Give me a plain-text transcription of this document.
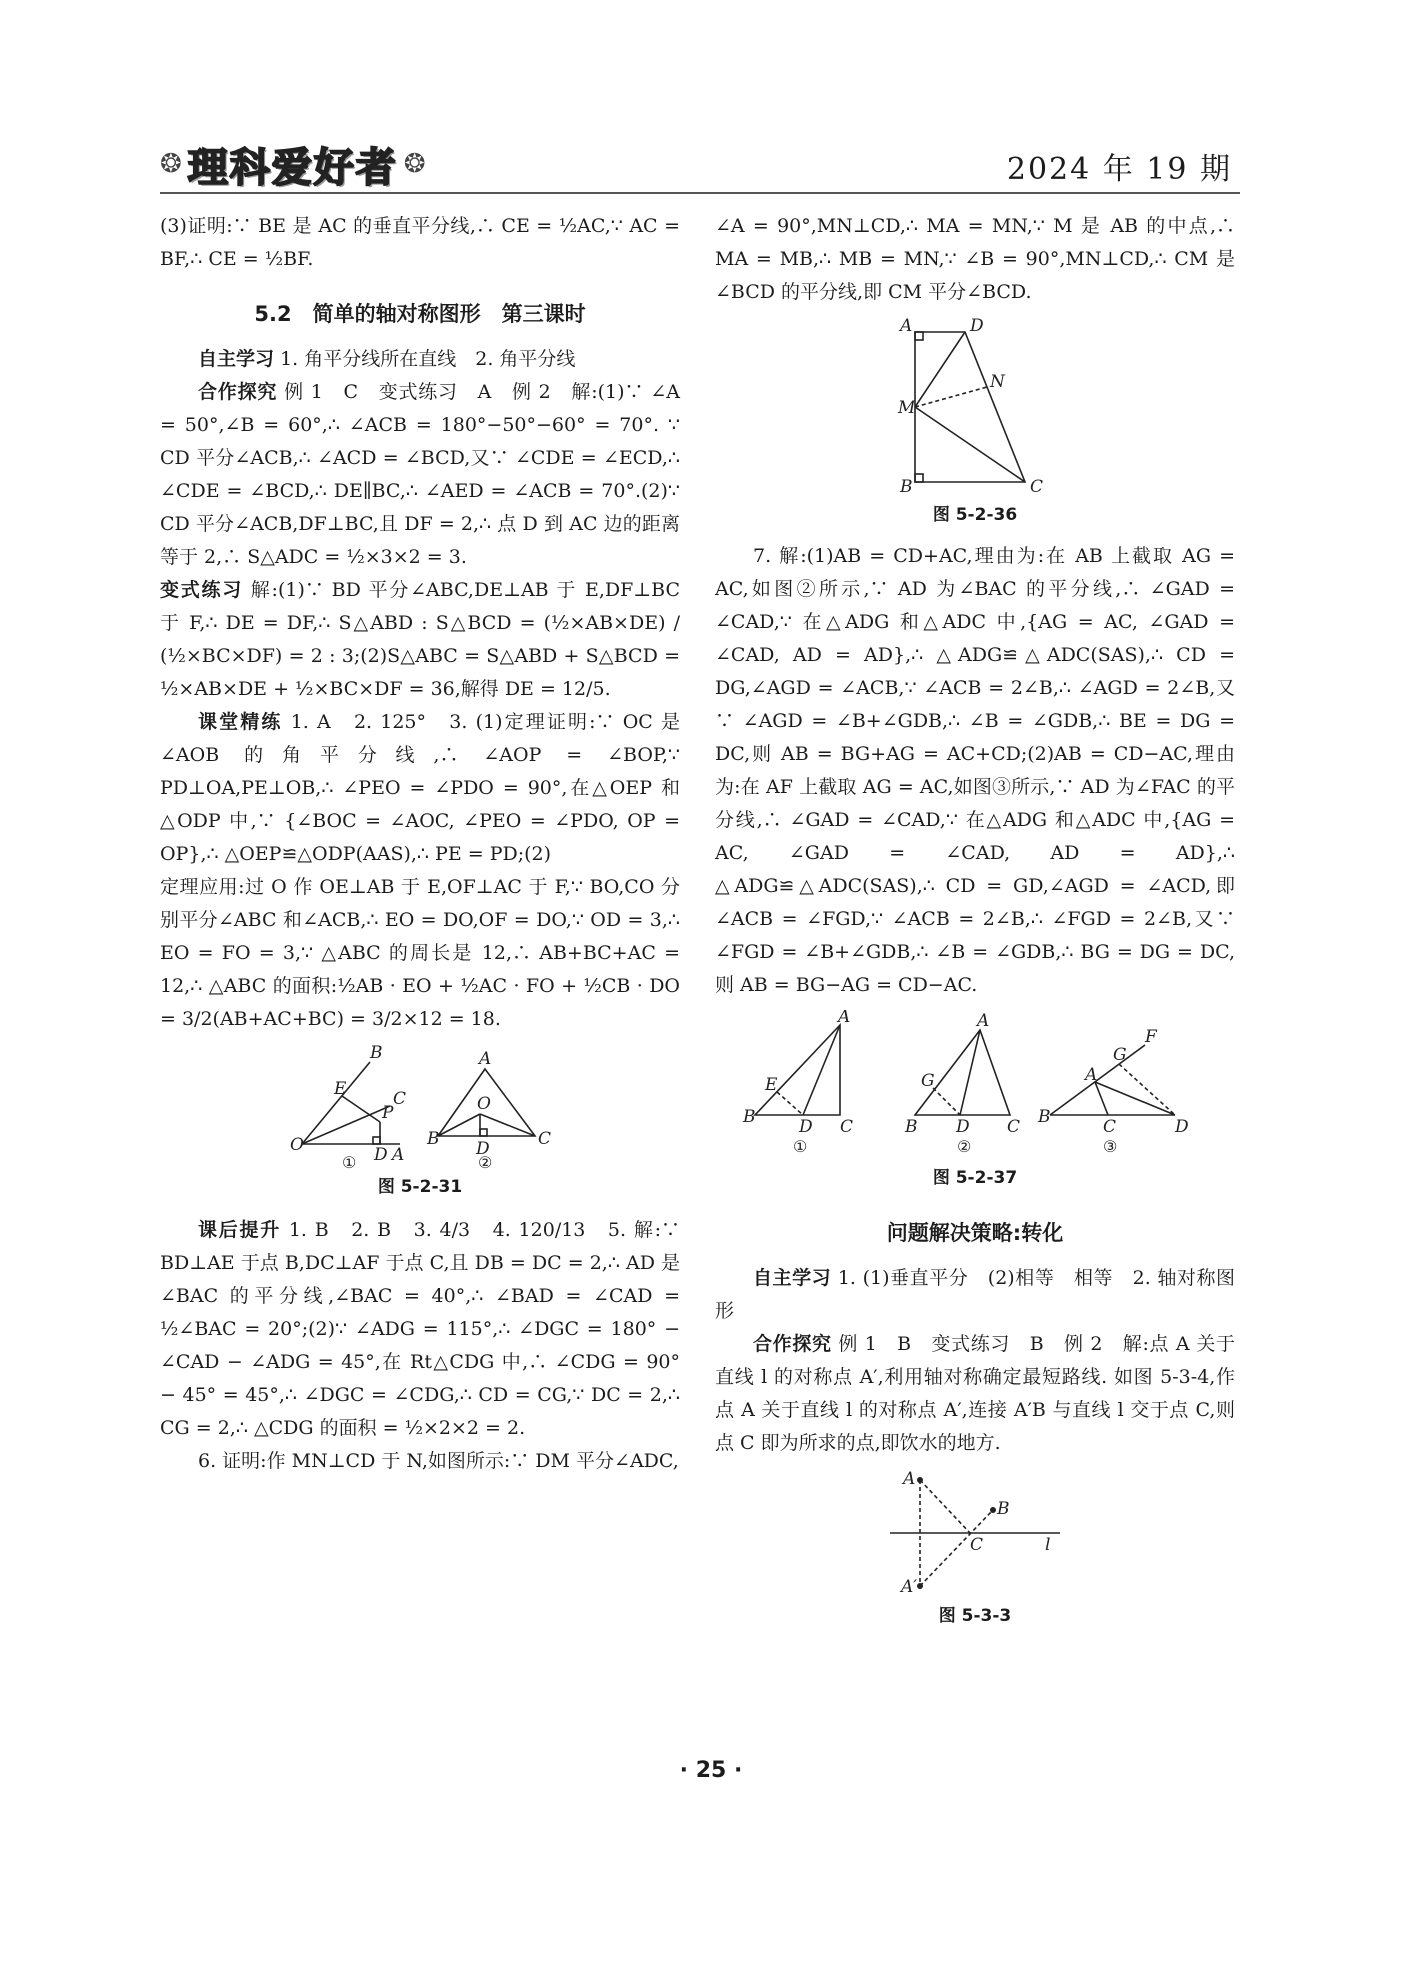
❂ 理科爱好者 ❂	2024 年 19 期

(3)证明:∵ BE 是 AC 的垂直平分线,∴ CE = ½AC,∵ AC = BF,∴ CE = ½BF.

5.2　简单的轴对称图形　第三课时

自主学习 1. 角平分线所在直线　2. 角平分线

合作探究 例 1　C　变式练习　A　例 2　解:(1)∵ ∠A = 50°,∠B = 60°,∴ ∠ACB = 180°−50°−60° = 70°. ∵ CD 平分∠ACB,∴ ∠ACD = ∠BCD,又∵ ∠CDE = ∠ECD,∴ ∠CDE = ∠BCD,∴ DE∥BC,∴ ∠AED = ∠ACB = 70°.(2)∵ CD 平分∠ACB,DF⊥BC,且 DF = 2,∴ 点 D 到 AC 边的距离等于 2,∴ S△ADC = ½×3×2 = 3.

变式练习 解:(1)∵ BD 平分∠ABC,DE⊥AB 于 E,DF⊥BC 于 F,∴ DE = DF,∴ S△ABD : S△BCD = (½×AB×DE) / (½×BC×DF) = 2 : 3;(2)S△ABC = S△ABD + S△BCD = ½×AB×DE + ½×BC×DF = 36,解得 DE = 12/5.

课堂精练 1. A　2. 125°　3. (1)定理证明:∵ OC 是∠AOB 的角平分线,∴ ∠AOP = ∠BOP,∵ PD⊥OA,PE⊥OB,∴ ∠PEO = ∠PDO = 90°,在△OEP 和△ODP 中,∵ {∠BOC = ∠AOC, ∠PEO = ∠PDO, OP = OP},∴ △OEP≌△ODP(AAS),∴ PE = PD;(2)

定理应用:过 O 作 OE⊥AB 于 E,OF⊥AC 于 F,∵ BO,CO 分别平分∠ABC 和∠ACB,∴ EO = DO,OF = DO,∵ OD = 3,∴ EO = FO = 3,∵ △ABC 的周长是 12,∴ AB+BC+AC = 12,∴ △ABC 的面积:½AB · EO + ½AC · FO + ½CB · DO = 3/2(AB+AC+BC) = 3/2×12 = 18.

O
B
E	C
P
D A
A
O
B	C
D
①	②
图 5-2-31

课后提升 1. B　2. B　3. 4/3　4. 120/13　5. 解:∵ BD⊥AE 于点 B,DC⊥AF 于点 C,且 DB = DC = 2,∴ AD 是∠BAC 的平分线,∠BAC = 40°,∴ ∠BAD = ∠CAD = ½∠BAC = 20°;(2)∵ ∠ADG = 115°,∴ ∠DGC = 180° − ∠CAD − ∠ADG = 45°,在 Rt△CDG 中,∴ ∠CDG = 90° − 45° = 45°,∴ ∠DGC = ∠CDG,∴ CD = CG,∵ DC = 2,∴ CG = 2,∴ △CDG 的面积 = ½×2×2 = 2.

6. 证明:作 MN⊥CD 于 N,如图所示:∵ DM 平分∠ADC,

∠A = 90°,MN⊥CD,∴ MA = MN,∵ M 是 AB 的中点,∴ MA = MB,∴ MB = MN,∵ ∠B = 90°,MN⊥CD,∴ CM 是∠BCD 的平分线,即 CM 平分∠BCD.

A	D
N
M
B	C
图 5-2-36

7. 解:(1)AB = CD+AC,理由为:在 AB 上截取 AG = AC,如图②所示,∵ AD 为∠BAC 的平分线,∴ ∠GAD = ∠CAD,∵ 在△ADG 和△ADC 中,{AG = AC, ∠GAD = ∠CAD, AD = AD},∴ △ADG≌△ADC(SAS),∴ CD = DG,∠AGD = ∠ACB,∵ ∠ACB = 2∠B,∴ ∠AGD = 2∠B,又∵ ∠AGD = ∠B+∠GDB,∴ ∠B = ∠GDB,∴ BE = DG = DC,则 AB = BG+AG = AC+CD;(2)AB = CD−AC,理由为:在 AF 上截取 AG = AC,如图③所示,∵ AD 为∠FAC 的平分线,∴ ∠GAD = ∠CAD,∵ 在△ADG 和△ADC 中,{AG = AC, ∠GAD = ∠CAD, AD = AD},∴ △ADG≌△ADC(SAS),∴ CD = GD,∠AGD = ∠ACD,即∠ACB = ∠FGD,∵ ∠ACB = 2∠B,∴ ∠FGD = 2∠B,又∵ ∠FGD = ∠B+∠GDB,∴ ∠B = ∠GDB,∴ BG = DG = DC,则 AB = BG−AG = CD−AC.

A
E
B	D C
A
G
B D C
F
G
A
B	C	D
①	②	③
图 5-2-37
问题解决策略:转化

自主学习 1. (1)垂直平分　(2)相等　相等　2. 轴对称图形

合作探究 例 1　B　变式练习　B　例 2　解:点 A 关于直线 l 的对称点 A′,利用轴对称确定最短路线. 如图 5-3-4,作点 A 关于直线 l 的对称点 A′,连接 A′B 与直线 l 交于点 C,则点 C 即为所求的点,即饮水的地方.

A
B
C	l
A′
图 5-3-3
· 25 ·
